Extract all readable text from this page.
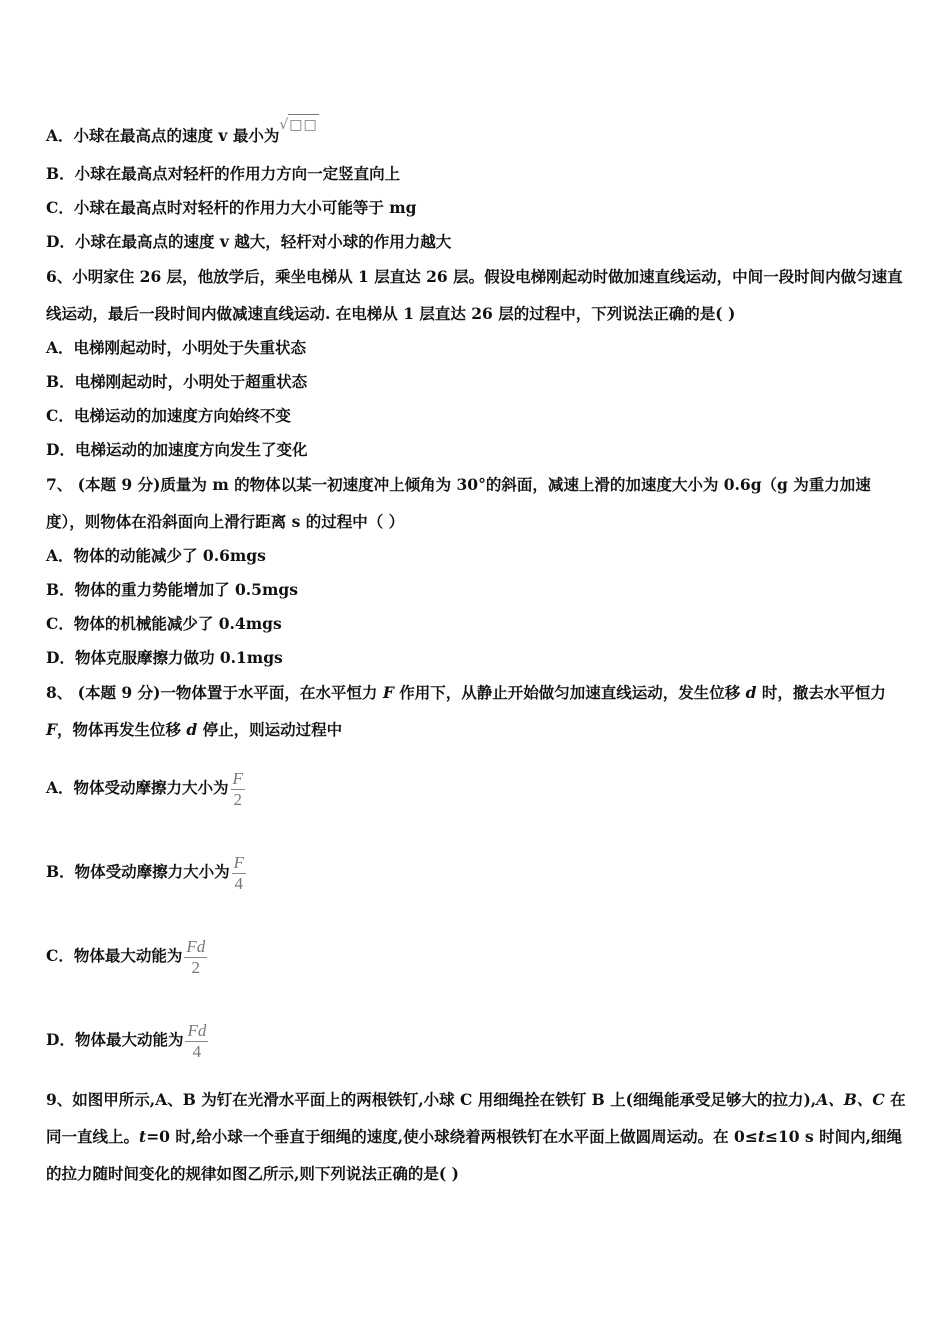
A．小球在最高点的速度 v 最小为√□□
B．小球在最高点对轻杆的作用力方向一定竖直向上
C．小球在最高点时对轻杆的作用力大小可能等于 mg
D．小球在最高点的速度 v 越大，轻杆对小球的作用力越大
6、小明家住 26 层，他放学后，乘坐电梯从 1 层直达 26 层。假设电梯刚起动时做加速直线运动，中间一段时间内做匀速直线运动，最后一段时间内做减速直线运动. 在电梯从 1 层直达 26 层的过程中，下列说法正确的是( )
A．电梯刚起动时，小明处于失重状态
B．电梯刚起动时，小明处于超重状态
C．电梯运动的加速度方向始终不变
D．电梯运动的加速度方向发生了变化
7、 (本题 9 分)质量为 m 的物体以某一初速度冲上倾角为 30°的斜面，减速上滑的加速度大小为 0.6g（g 为重力加速度），则物体在沿斜面向上滑行距离 s 的过程中（ ）
A．物体的动能减少了 0.6mgs
B．物体的重力势能增加了 0.5mgs
C．物体的机械能减少了 0.4mgs
D．物体克服摩擦力做功 0.1mgs
8、 (本题 9 分)一物体置于水平面，在水平恒力 F 作用下，从静止开始做匀加速直线运动，发生位移 d 时，撤去水平恒力 F，物体再发生位移 d 停止，则运动过程中
A．物体受动摩擦力大小为 $\frac{F}{2}$
B．物体受动摩擦力大小为 $\frac{F}{4}$
C．物体最大动能为 $\frac{Fd}{2}$
D．物体最大动能为 $\frac{Fd}{4}$
9、如图甲所示,A、B 为钉在光滑水平面上的两根铁钉,小球 C 用细绳拴在铁钉 B 上(细绳能承受足够大的拉力),A、B、C 在同一直线上。t=0 时,给小球一个垂直于细绳的速度,使小球绕着两根铁钉在水平面上做圆周运动。在 0≤t≤10 s 时间内,细绳的拉力随时间变化的规律如图乙所示,则下列说法正确的是( )
